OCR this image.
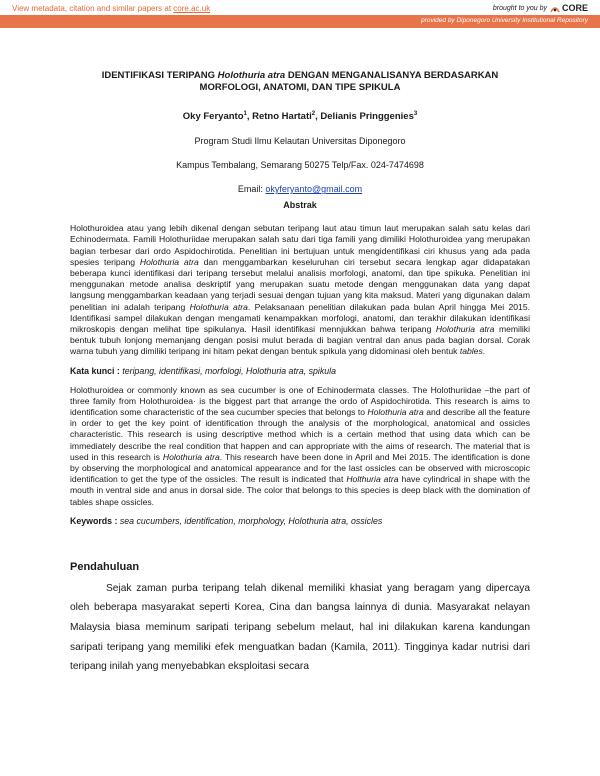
View metadata, citation and similar papers at core.ac.uk	brought to you by CORE
provided by Diponegoro University Institutional Repository
IDENTIFIKASI TERIPANG Holothuria atra DENGAN MENGANALISANYA BERDASARKAN
MORFOLOGI, ANATOMI, DAN TIPE SPIKULA
Oky Feryanto$^1$, Retno Hartati$^2$, Delianis Pringgenies$^3$
Program Studi Ilmu Kelautan Universitas Diponegoro
Kampus Tembalang, Semarang 50275 Telp/Fax. 024-7474698
Email: okyferyanto@gmail.com
Abstrak
Holothuroidea atau yang lebih dikenal dengan sebutan teripang laut atau timun laut merupakan salah satu kelas dari Echinodermata. Famili Holothuriidae merupakan salah satu dari tiga famili yang dimiliki Holothuroidea yang merupakan bagian terbesar dari ordo Aspidochirotida. Penelitian ini bertujuan untuk mengidentifikasi ciri khusus yang ada pada spesies teripang Holothuria atra dan menggambarkan keseluruhan ciri tersebut secara lengkap agar didapatakan beberapa kunci identifikasi dari teripang tersebut melalui analisis morfologi, anatomi, dan tipe spikuka. Penelitian ini menggunakan metode analisa deskriptif yang merupakan suatu metode dengan menggunakan data yang dapat langsung menggambarkan keadaan yang terjadi sesuai dengan tujuan yang kita maksud. Materi yang digunakan dalam penelitian ini adalah teripang Holothuria atra. Pelaksanaan penelitian dilakukan pada bulan April hingga Mei 2015. Identifikasi sampel dilakukan dengan mengamati kenampakkan morfologi, anatomi, dan terakhir dilakukan identifikasi mikroskopis dengan melihat tipe spikulanya. Hasil identifikasi mennjukkan bahwa teripang Holothuria atra memiliki bentuk tubuh lonjong memanjang dengan posisi mulut berada di bagian ventral dan anus pada bagian dorsal. Corak warna tubuh yang dimiliki teripang ini hitam pekat dengan bentuk spikula yang didominasi oleh bentuk tables.
Kata kunci : teripang, identifikasi, morfologi, Holothuria atra, spikula
Holothuroidea or commonly known as sea cucumber is one of Echinodermata classes. The Holothuriidae –the part of three family from Holothuroidea· is the biggest part that arrange the ordo of Aspidochirotida. This research is aims to identification some characteristic of the sea cucumber species that belongs to Holothuria atra and describe all the feature in order to get the key point of identification through the analysis of the morphological, anatomical and ossicles characteristic. This research is using descriptive method which is a certain method that using data which can be immediately describe the real condition that happen and can appropriate with the aims of research. The material that is used in this research is Holothuria atra. This research have been done in April and Mei 2015. The identification is done by observing the morphological and anatomical appearance and for the last ossicles can be observed with microscopic identification to get the type of the ossicles. The result is indicated that Holthuria atra have cylindrical in shape with the mouth in ventral side and anus in dorsal side. The color that belongs to this species is deep black with the domination of tables shape ossicles.
Keywords : sea cucumbers, identification, morphology, Holothuria atra, ossicles
Pendahuluan
Sejak zaman purba teripang telah dikenal memiliki khasiat yang beragam yang dipercaya oleh beberapa masyarakat seperti Korea, Cina dan bangsa lainnya di dunia. Masyarakat nelayan Malaysia biasa meminum saripati teripang sebelum melaut, hal ini dilakukan karena kandungan saripati teripang yang memiliki efek menguatkan badan (Kamila, 2011). Tingginya kadar nutrisi dari teripang inilah yang menyebabkan eksploitasi secara
